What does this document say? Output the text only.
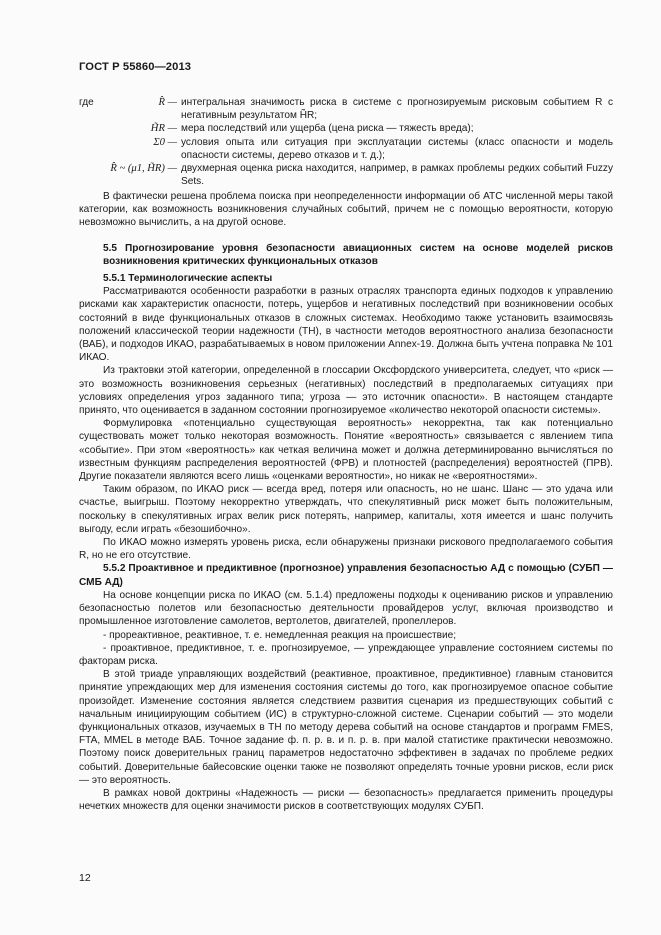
ГОСТ Р 55860—2013
где	R̂ — интегральная значимость риска в системе c прогнозируемым рисковым событием R с негативным результатом H̃R;
H̃R — мера последствий или ущерба (цена риска — тяжесть вреда);
Σ0 — условия опыта или ситуация при эксплуатации системы (класс опасности и модель опасности системы, дерево отказов и т. д.);
R̂ ~ (μ1, H̃R) — двухмерная оценка риска находится, например, в рамках проблемы редких событий Fuzzy Sets.

В фактически решена проблема поиска при неопределенности информации об АТС численной меры такой категории, как возможность возникновения случайных событий, причем не с помощью вероятности, которую невозможно вычислить, а на другой основе.

5.5 Прогнозирование уровня безопасности авиационных систем на основе моделей рисков возникновения критических функциональных отказов

5.5.1 Терминологические аспекты

Рассматриваются особенности разработки в разных отраслях транспорта единых подходов к управлению рисками как характеристик опасности, потерь, ущербов и негативных последствий при возникновении особых состояний в виде функциональных отказов в сложных системах. Необходимо также установить взаимосвязь положений классической теории надежности (ТН), в частности методов вероятностного анализа безопасности (ВАБ), и подходов ИКАО, разрабатываемых в новом приложении Annex-19. Должна быть учтена поправка № 101 ИКАО.

Из трактовки этой категории, определенной в глоссарии Оксфордского университета, следует, что «риск — это возможность возникновения серьезных (негативных) последствий в предполагаемых ситуациях при условиях определения угроз заданного типа; угроза — это источник опасности». В настоящем стандарте принято, что оценивается в заданном состоянии прогнозируемое «количество некоторой опасности системы».

Формулировка «потенциально существующая вероятность» некорректна, так как потенциально существовать может только некоторая возможность. Понятие «вероятность» связывается с явлением типа «событие». При этом «вероятность» как четкая величина может и должна детерминированно вычисляться по известным функциям распределения вероятностей (ФРВ) и плотностей (распределения) вероятностей (ПРВ). Другие показатели являются всего лишь «оценками вероятности», но никак не «вероятностями».

Таким образом, по ИКАО риск — всегда вред, потеря или опасность, но не шанс. Шанс — это удача или счастье, выигрыш. Поэтому некорректно утверждать, что спекулятивный риск может быть положительным, поскольку в спекулятивных играх велик риск потерять, например, капиталы, хотя имеется и шанс получить выгоду, если играть «безошибочно».

По ИКАО можно измерять уровень риска, если обнаружены признаки рискового предполагаемого события R, но не его отсутствие.

5.5.2 Проактивное и предиктивное (прогнозное) управления безопасностью АД с помощью (СУБП — СМБ АД)

На основе концепции риска по ИКАО (см. 5.1.4) предложены подходы к оцениванию рисков и управлению безопасностью полетов или безопасностью деятельности провайдеров услуг, включая производство и промышленное изготовление самолетов, вертолетов, двигателей, пропеллеров.

- прореактивное, реактивное, т. е. немедленная реакция на происшествие;

- проактивное, предиктивное, т. е. прогнозируемое, — упреждающее управление состоянием системы по факторам риска.

В этой триаде управляющих воздействий (реактивное, проактивное, предиктивное) главным становится принятие упреждающих мер для изменения состояния системы до того, как прогнозируемое опасное событие произойдет. Изменение состояния является следствием развития сценария из предшествующих событий с начальным инициирующим событием (ИС) в структурно-сложной системе. Сценарии событий — это модели функциональных отказов, изучаемых в ТН по методу дерева событий на основе стандартов и программ FMES, FTA, MMEL в методе ВАБ. Точное задание ф. п. р. в. и п. р. в. при малой статистике практически невозможно. Поэтому поиск доверительных границ параметров недостаточно эффективен в задачах по проблеме редких событий. Доверительные байесовские оценки также не позволяют определять точные уровни рисков, если риск — это вероятность.

В рамках новой доктрины «Надежность — риски — безопасность» предлагается применить процедуры нечетких множеств для оценки значимости рисков в соответствующих модулях СУБП.

12
